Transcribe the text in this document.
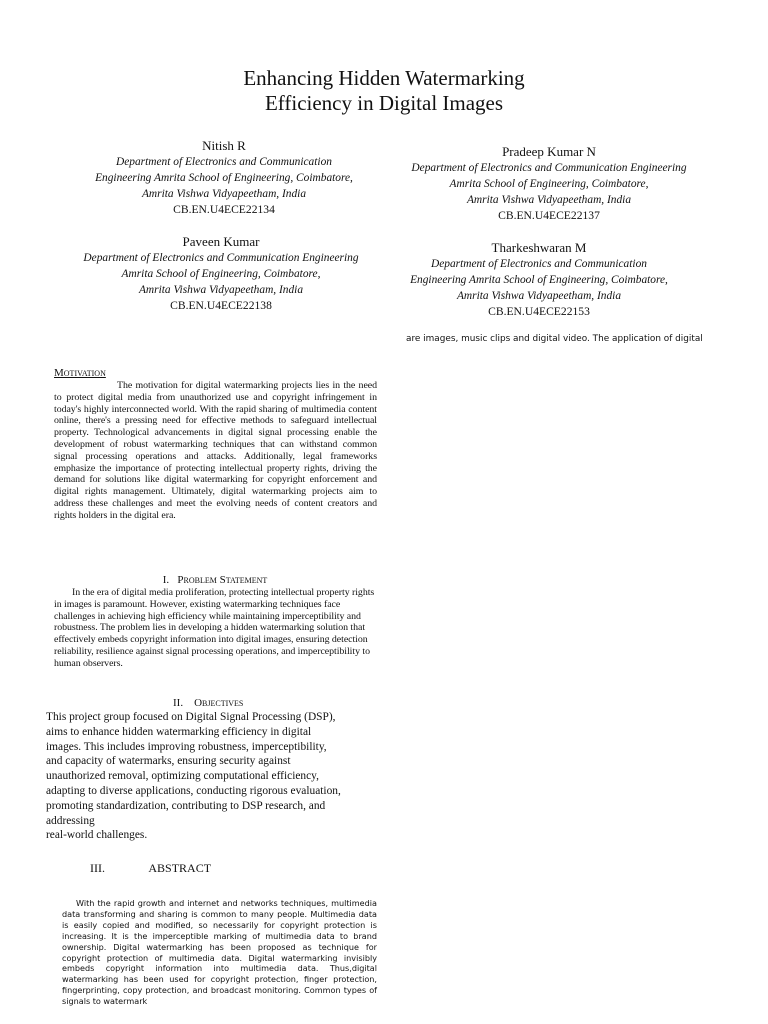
Enhancing Hidden Watermarking
Efficiency in Digital Images
Nitish R
Department of Electronics and Communication
Engineering Amrita School of Engineering, Coimbatore,
Amrita Vishwa Vidyapeetham, India
CB.EN.U4ECE22134
Pradeep Kumar N
Department of Electronics and Communication Engineering
Amrita School of Engineering, Coimbatore,
Amrita Vishwa Vidyapeetham, India
CB.EN.U4ECE22137
Paveen Kumar
Department of Electronics and Communication Engineering
Amrita School of Engineering, Coimbatore,
Amrita Vishwa Vidyapeetham, India
CB.EN.U4ECE22138
Tharkeshwaran M
Department of Electronics and Communication
Engineering Amrita School of Engineering, Coimbatore,
Amrita Vishwa Vidyapeetham, India
CB.EN.U4ECE22153
are images, music clips and digital video. The application of digital
Motivation
The motivation for digital watermarking projects lies in the need to protect digital media from unauthorized use and copyright infringement in today's highly interconnected world. With the rapid sharing of multimedia content online, there's a pressing need for effective methods to safeguard intellectual property. Technological advancements in digital signal processing enable the development of robust watermarking techniques that can withstand common signal processing operations and attacks. Additionally, legal frameworks emphasize the importance of protecting intellectual property rights, driving the demand for solutions like digital watermarking for copyright enforcement and digital rights management. Ultimately, digital watermarking projects aim to address these challenges and meet the evolving needs of content creators and rights holders in the digital era.
I. Problem Statement
In the era of digital media proliferation, protecting intellectual property rights in images is paramount. However, existing watermarking techniques face challenges in achieving high efficiency while maintaining imperceptibility and robustness. The problem lies in developing a hidden watermarking solution that effectively embeds copyright information into digital images, ensuring detection reliability, resilience against signal processing operations, and imperceptibility to human observers.
II. Objectives
This project group focused on Digital Signal Processing (DSP),
aims to enhance hidden watermarking efficiency in digital
images. This includes improving robustness, imperceptibility,
and capacity of watermarks, ensuring security against
unauthorized removal, optimizing computational efficiency,
adapting to diverse applications, conducting rigorous evaluation,
promoting standardization, contributing to DSP research, and
addressing
real-world challenges.
III.	ABSTRACT
With the rapid growth and internet and networks techniques, multimedia data transforming and sharing is common to many people. Multimedia data is easily copied and modified, so necessarily for copyright protection is increasing. It is the imperceptible marking of multimedia data to brand ownership. Digital watermarking has been proposed as technique for copyright protection of multimedia data. Digital watermarking invisibly embeds copyright information into multimedia data. Thus,digital watermarking has been used for copyright protection, finger protection, fingerprinting, copy protection, and broadcast monitoring. Common types of signals to watermark
